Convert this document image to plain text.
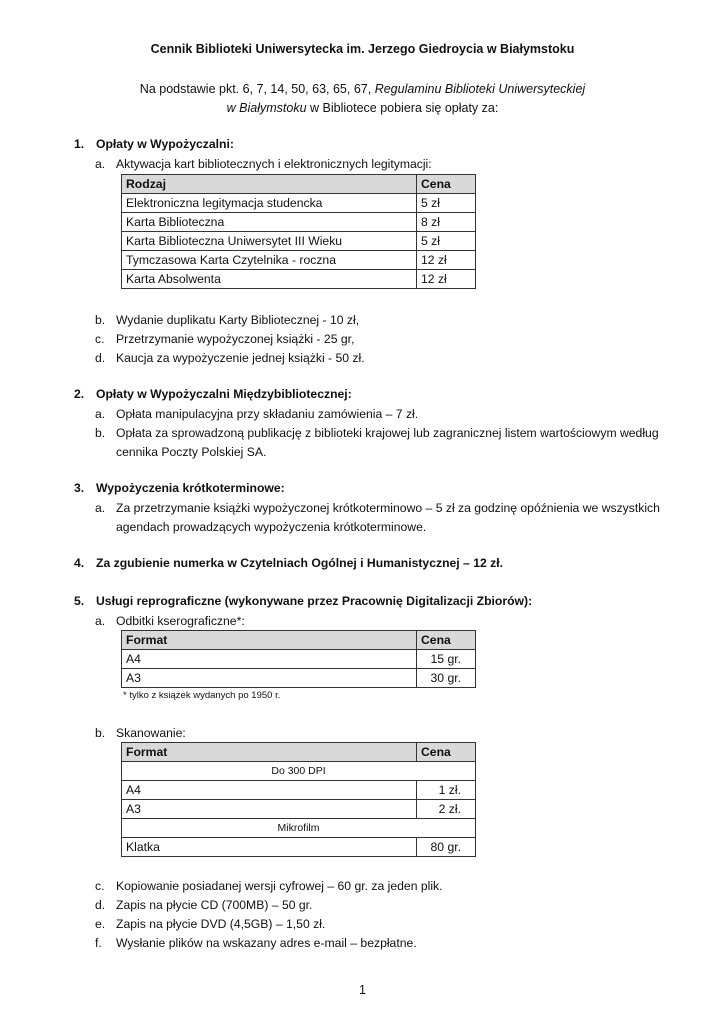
Cennik Biblioteki Uniwersytecka im. Jerzego Giedroycia w Białymstoku
Na podstawie pkt. 6, 7, 14, 50, 63, 65, 67, Regulaminu Biblioteki Uniwersyteckiej
w Białymstoku w Bibliotece pobiera się opłaty za:
1. Opłaty w Wypożyczalni:
a. Aktywacja kart bibliotecznych i elektronicznych legitymacji:
Rodzaj	Cena
Elektroniczna legitymacja studencka	5 zł
Karta Biblioteczna	8 zł
Karta Biblioteczna Uniwersytet III Wieku	5 zł
Tymczasowa Karta Czytelnika - roczna	12 zł
Karta Absolwenta	12 zł
b. Wydanie duplikatu Karty Bibliotecznej - 10 zł,
c. Przetrzymanie wypożyczonej książki - 25 gr,
d. Kaucja za wypożyczenie jednej książki - 50 zł.
2. Opłaty w Wypożyczalni Międzybibliotecznej:
a. Opłata manipulacyjna przy składaniu zamówienia – 7 zł.
b. Opłata za sprowadzoną publikację z biblioteki krajowej lub zagranicznej listem wartościowym według cennika Poczty Polskiej SA.
3. Wypożyczenia krótkoterminowe:
a. Za przetrzymanie książki wypożyczonej krótkoterminowo – 5 zł za godzinę opóźnienia we wszystkich agendach prowadzących wypożyczenia krótkoterminowe.
4. Za zgubienie numerka w Czytelniach Ogólnej i Humanistycznej – 12 zł.
5. Usługi reprograficzne (wykonywane przez Pracownię Digitalizacji Zbiorów):
a. Odbitki kserograficzne*:
Format	Cena
A4	15 gr.
A3	30 gr.
* tylko z książek wydanych po 1950 r.
b. Skanowanie:
Format	Cena
Do 300 DPI	
A4	1 zł.
A3	2 zł.
Mikrofilm	
Klatka	80 gr.
c. Kopiowanie posiadanej wersji cyfrowej – 60 gr. za jeden plik.
d. Zapis na płycie CD (700MB) – 50 gr.
e. Zapis na płycie DVD (4,5GB) – 1,50 zł.
f. Wysłanie plików na wskazany adres e-mail – bezpłatne.
1
